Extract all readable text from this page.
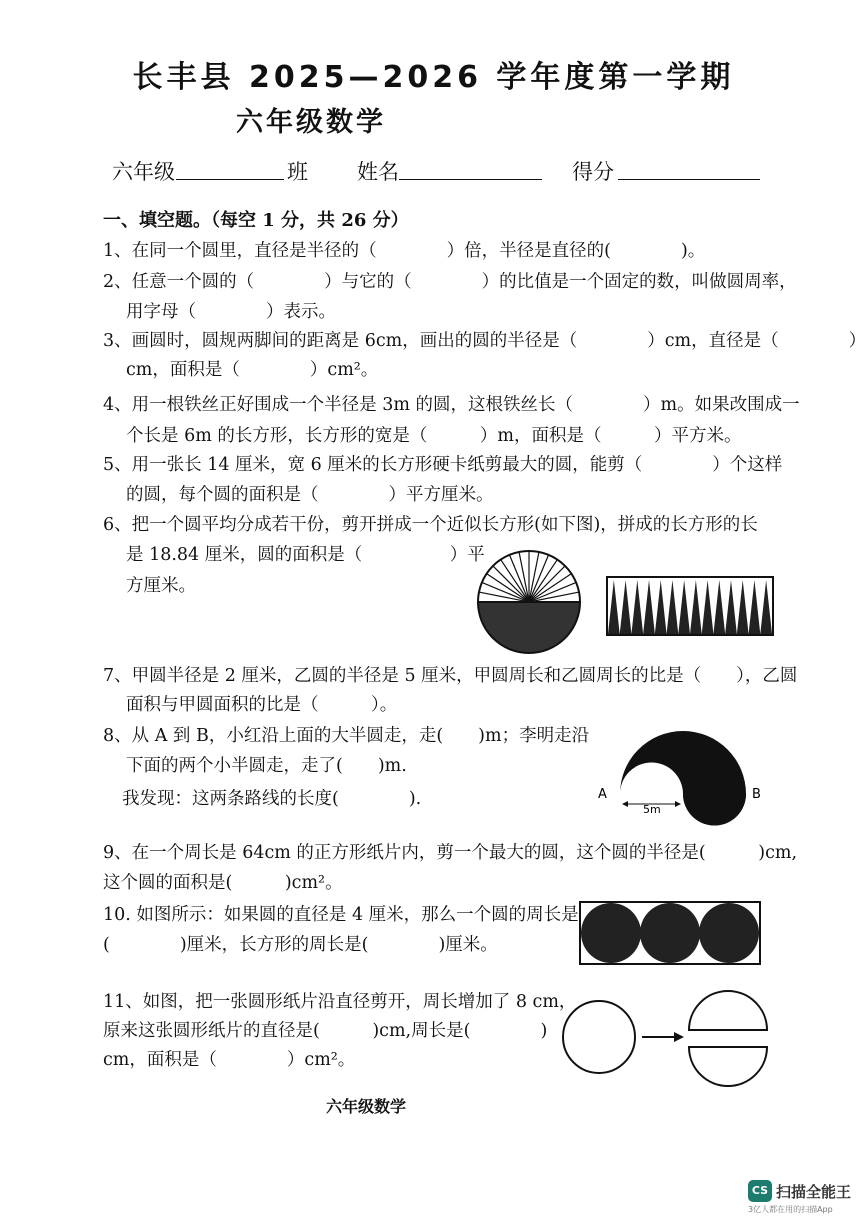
长丰县 2025—2026 学年度第一学期
六年级数学
六年级	班 姓名	得分
一、填空题。（每空 1 分，共 26 分）
1、在同一个圆里，直径是半径的（　　　　）倍，半径是直径的(　　　　)。
2、任意一个圆的（　　　　）与它的（　　　　）的比值是一个固定的数，叫做圆周率，
用字母（　　　　）表示。
3、画圆时，圆规两脚间的距离是 6cm，画出的圆的半径是（　　　　）cm，直径是（　　　　）
cm，面积是（　　　　）cm²。
4、用一根铁丝正好围成一个半径是 3m 的圆，这根铁丝长（　　　　）m。如果改围成一
个长是 6m 的长方形，长方形的宽是（　　　）m，面积是（　　　）平方米。
5、用一张长 14 厘米，宽 6 厘米的长方形硬卡纸剪最大的圆，能剪（　　　　）个这样
的圆，每个圆的面积是（　　　　）平方厘米。
6、把一个圆平均分成若干份，剪开拼成一个近似长方形(如下图)，拼成的长方形的长
是 18.84 厘米，圆的面积是（　　　　　）平
方厘米。
7、甲圆半径是 2 厘米，乙圆的半径是 5 厘米，甲圆周长和乙圆周长的比是（　　），乙圆
面积与甲圆面积的比是（　　　）。
8、从 A 到 B，小红沿上面的大半圆走，走(　　)m；李明走沿
下面的两个小半圆走，走了(　　)m.
我发现：这两条路线的长度(　　　　).	A	B
C
5m
9、在一个周长是 64cm 的正方形纸片内，剪一个最大的圆，这个圆的半径是(　　　)cm,
这个圆的面积是(　　　)cm²。
10. 如图所示：如果圆的直径是 4 厘米，那么一个圆的周长是
(　　　　)厘米，长方形的周长是(　　　　)厘米。
11、如图，把一张圆形纸片沿直径剪开，周长增加了 8 cm，
原来这张圆形纸片的直径是(　　　)cm,周长是(　　　　)
cm，面积是（　　　　）cm²。
六年级数学
CS 扫描全能王
3亿人都在用的扫描App
